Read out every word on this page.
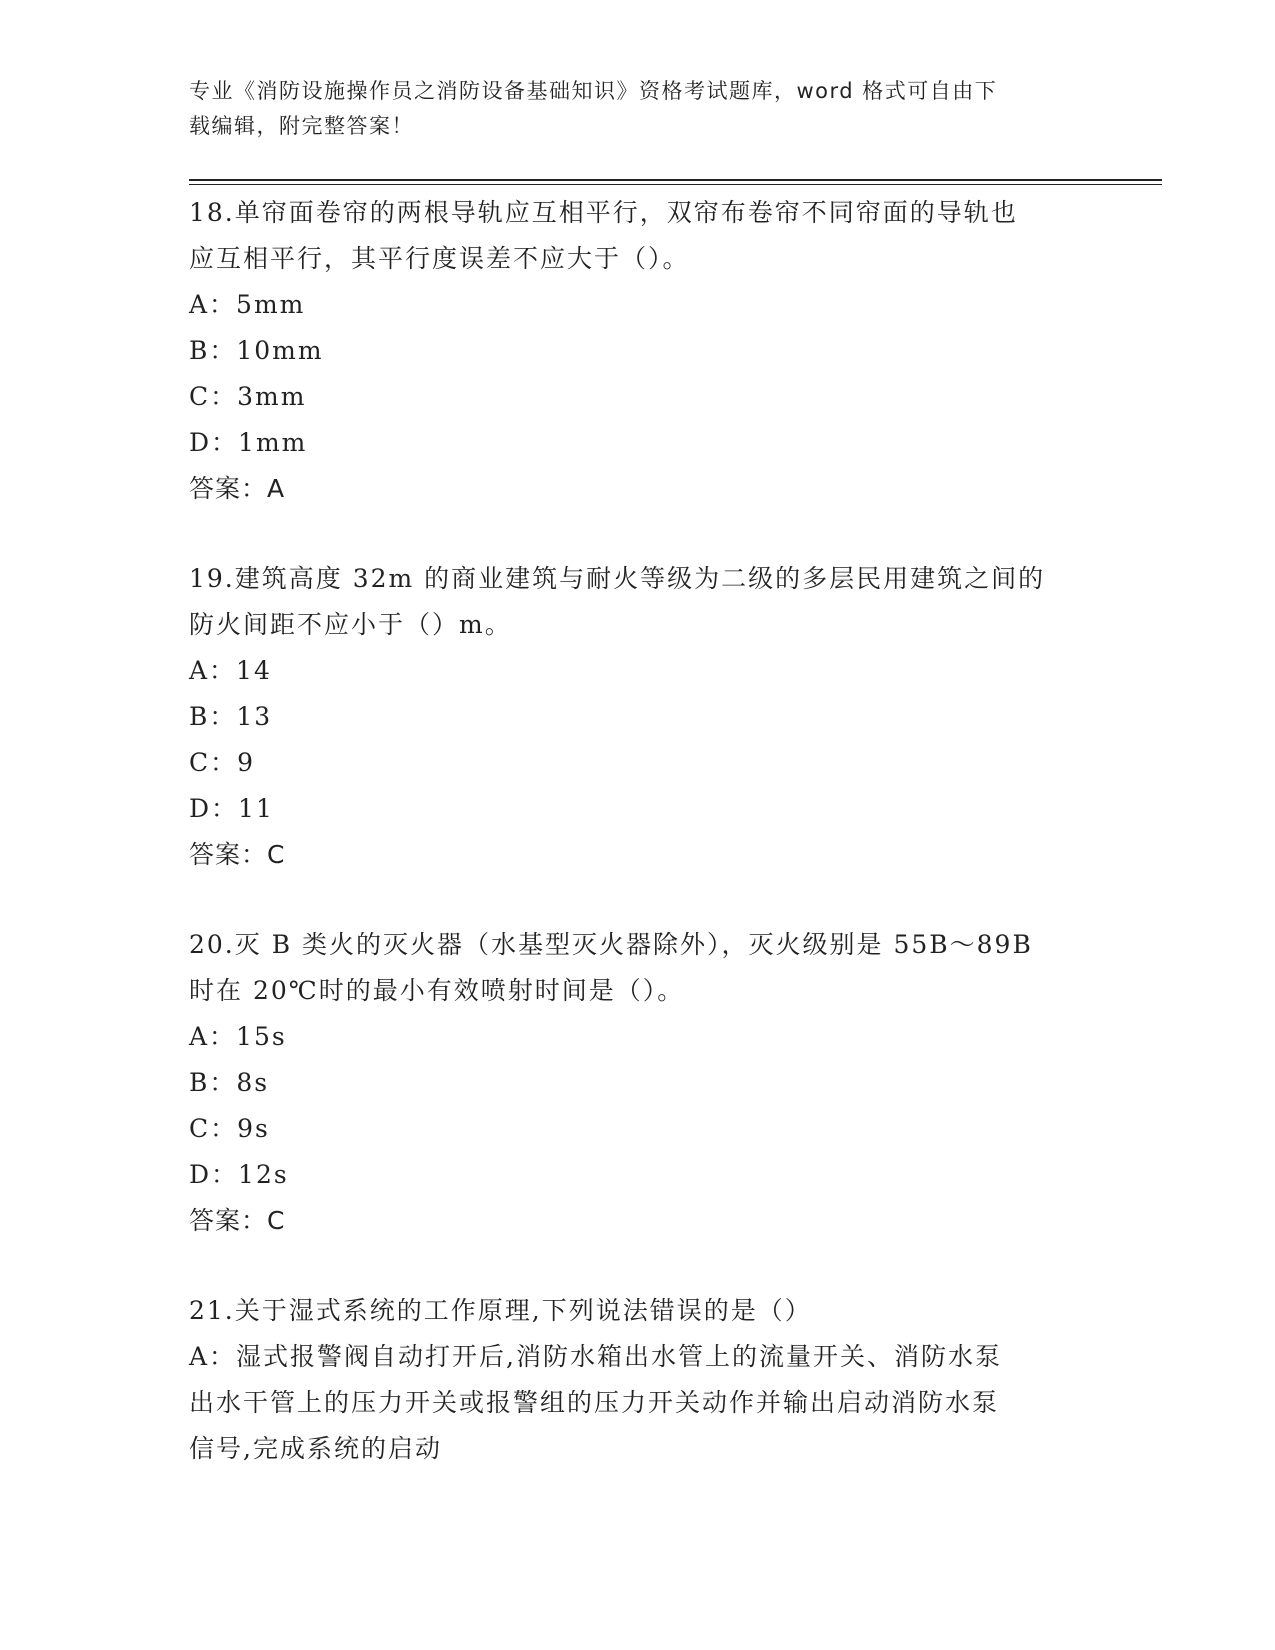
专业《消防设施操作员之消防设备基础知识》资格考试题库，word 格式可自由下
载编辑，附完整答案！

18.单帘面卷帘的两根导轨应互相平行，双帘布卷帘不同帘面的导轨也

应互相平行，其平行度误差不应大于（）。

A：5mm

B：10mm

C：3mm

D：1mm

答案：A

19.建筑高度 32m 的商业建筑与耐火等级为二级的多层民用建筑之间的

防火间距不应小于（）m。

A：14

B：13

C：9

D：11

答案：C

20.灭 B 类火的灭火器（水基型灭火器除外），灭火级别是 55B～89B

时在 20℃时的最小有效喷射时间是（）。

A：15s

B：8s

C：9s

D：12s

答案：C

21.关于湿式系统的工作原理,下列说法错误的是（）

A：湿式报警阀自动打开后,消防水箱出水管上的流量开关、消防水泵

出水干管上的压力开关或报警组的压力开关动作并输出启动消防水泵

信号,完成系统的启动
